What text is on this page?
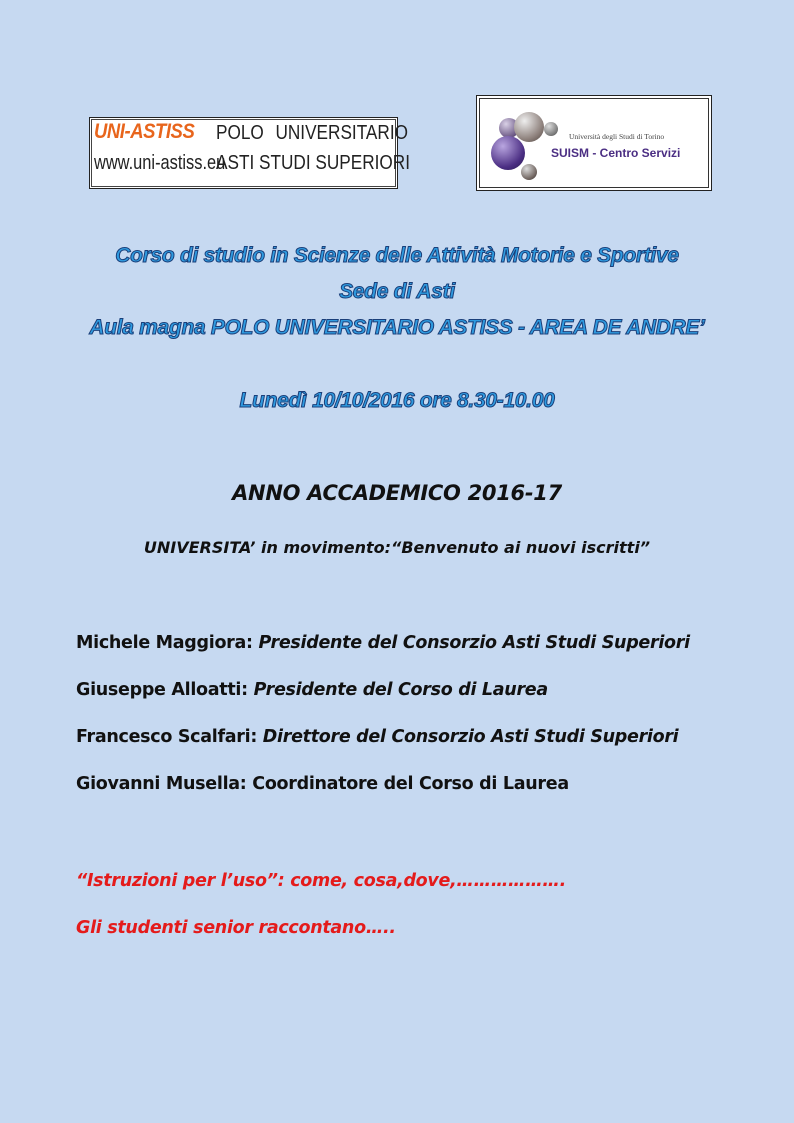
UNI-ASTISS	POLO UNIVERSITARIO
www.uni-astiss.eu
ASTI STUDI SUPERIORI
Università degli Studi di Torino
SUISM - Centro Servizi

Corso di studio in Scienze delle Attività Motorie e Sportive

Sede di Asti

Aula magna POLO UNIVERSITARIO ASTISS - AREA DE ANDRE’

Lunedì 10/10/2016 ore 8.30-10.00

ANNO ACCADEMICO 2016-17
UNIVERSITA’ in movimento:“Benvenuto ai nuovi iscritti”
Michele Maggiora: Presidente del Consorzio Asti Studi Superiori
Giuseppe Alloatti: Presidente del Corso di Laurea
Francesco Scalfari: Direttore del Consorzio Asti Studi Superiori
Giovanni Musella: Coordinatore del Corso di Laurea
“Istruzioni per l’uso”: come, cosa,dove,……………….
Gli studenti senior raccontano…..
